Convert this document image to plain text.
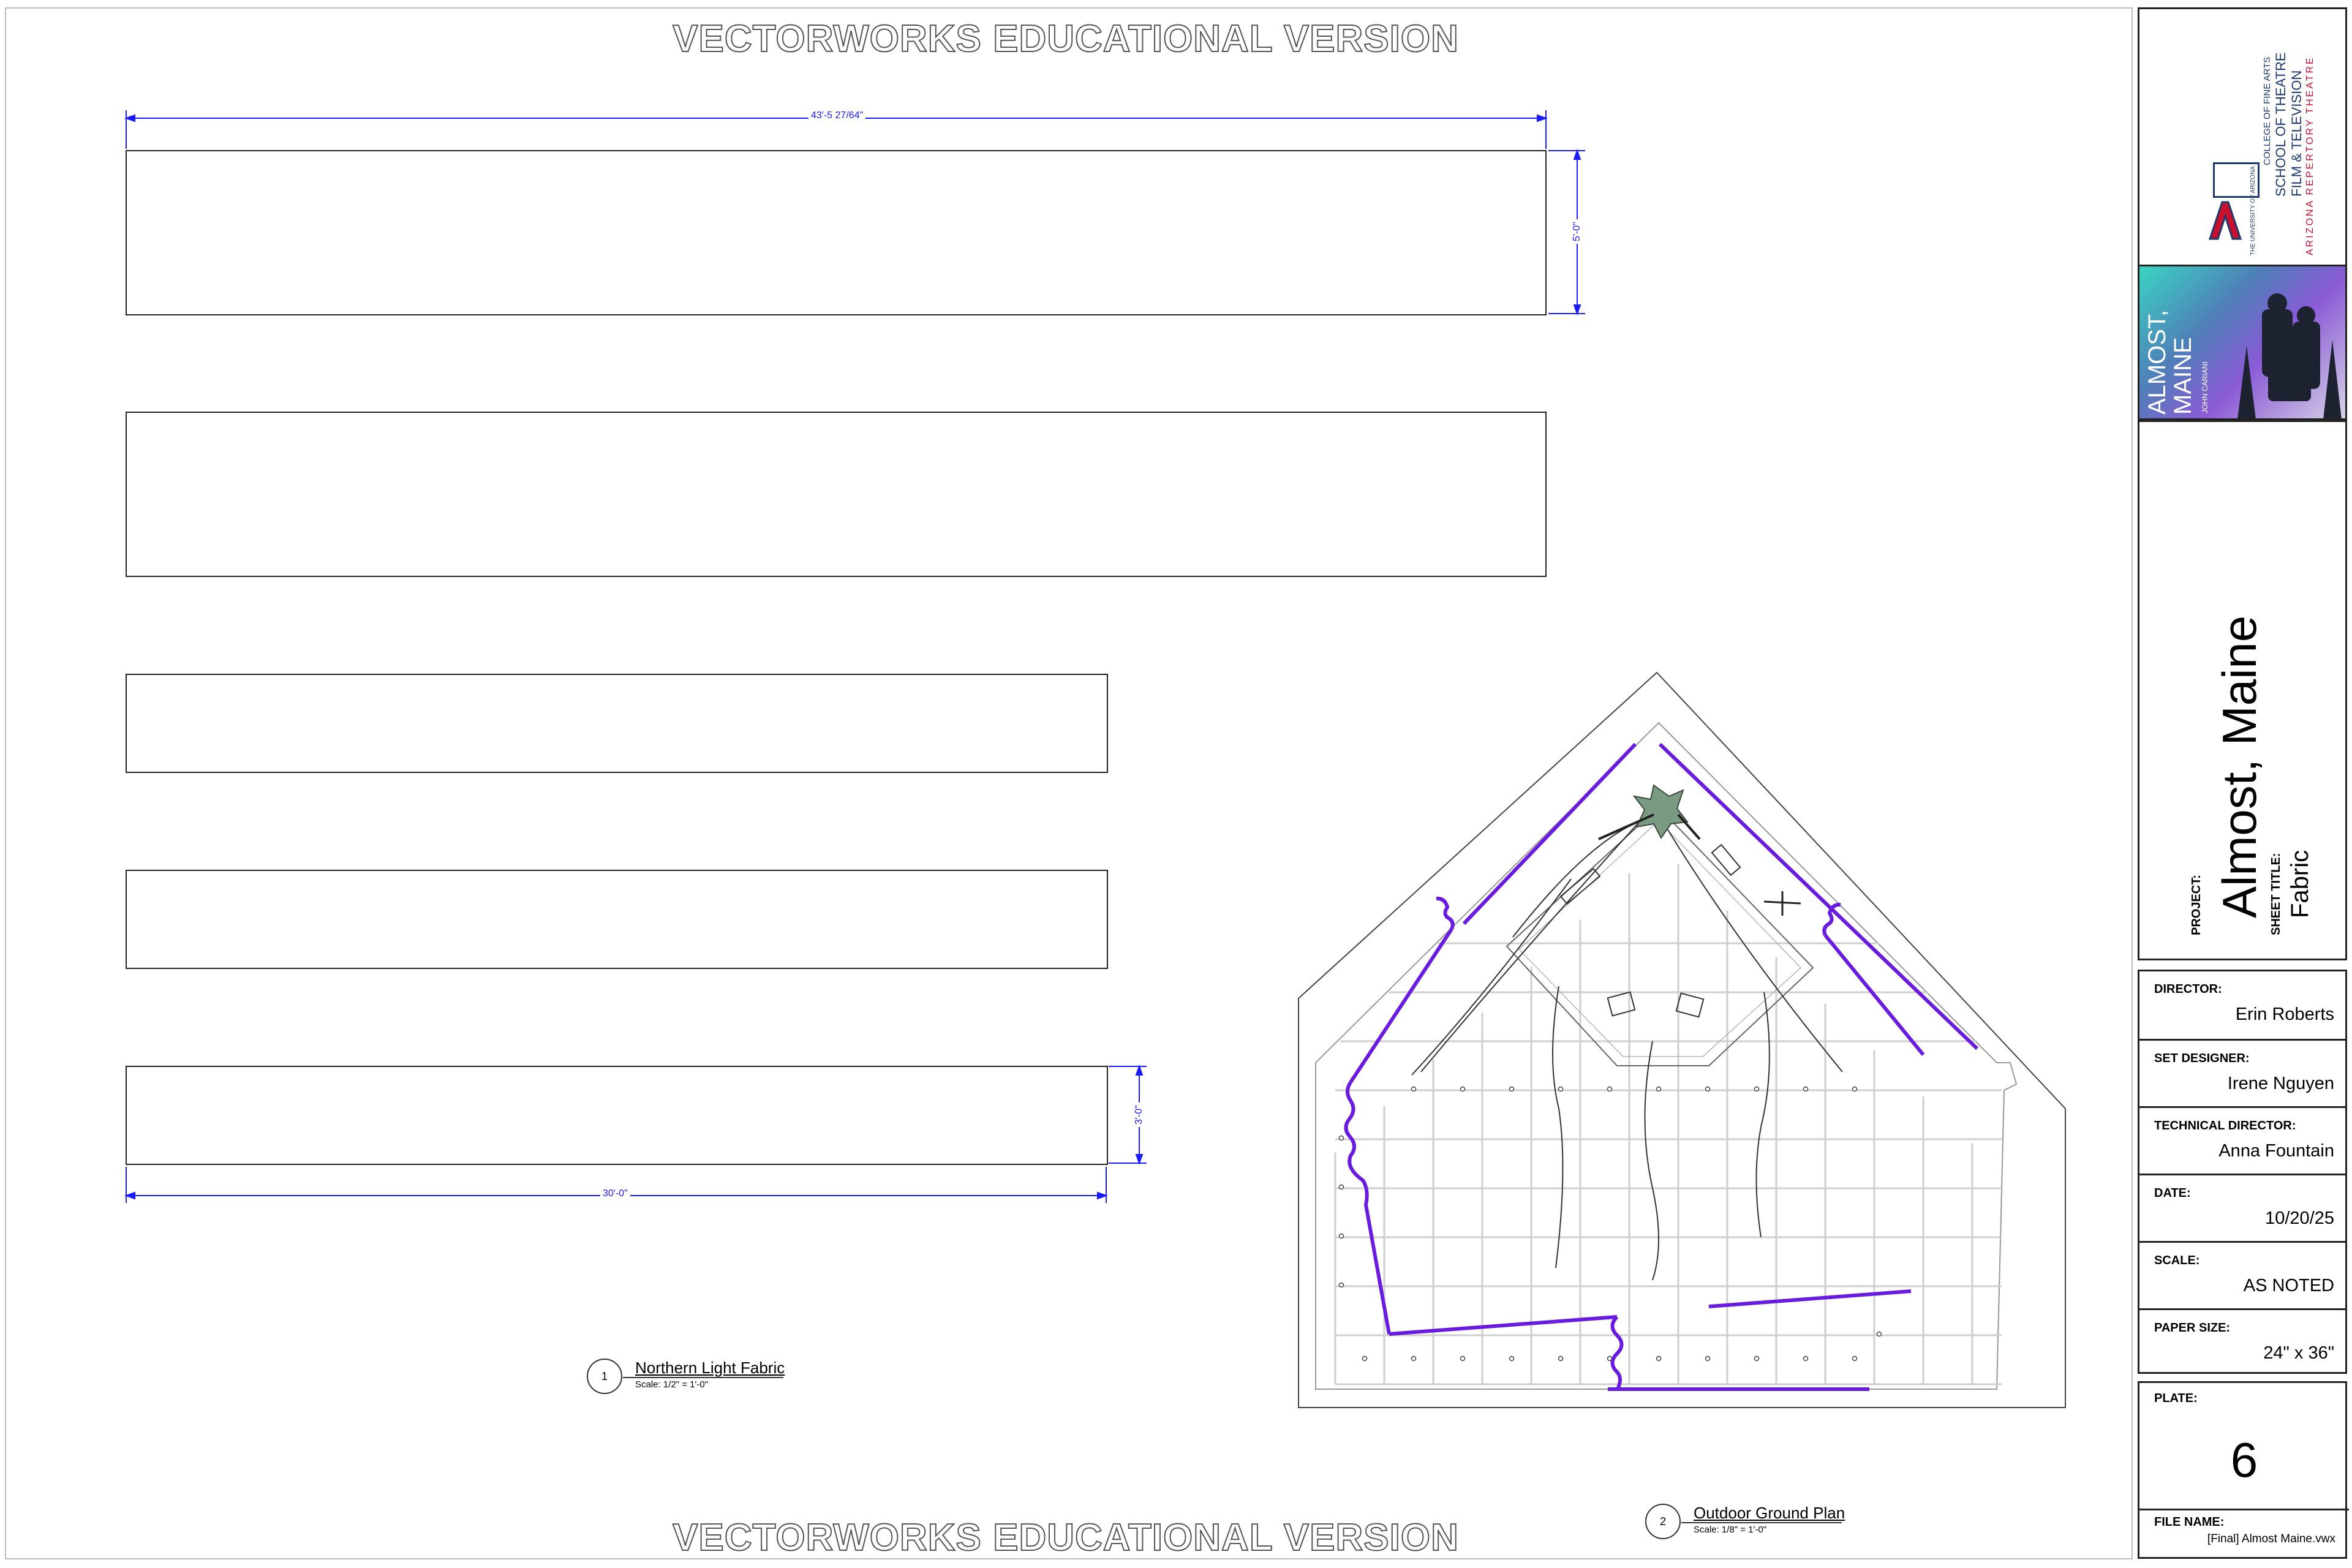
VECTORWORKS EDUCATIONAL VERSION
VECTORWORKS EDUCATIONAL VERSION
43'-5 27/64"
5'-0"
3'-0"
30'-0"
1	Northern Light Fabric
Scale: 1/2" = 1'-0"
2	Outdoor Ground Plan
Scale: 1/8" = 1'-0"
THE UNIVERSITY OF ARIZONA
COLLEGE OF FINE ARTS SCHOOL OF THEATRE FILM & TELEVISION ARIZONA REPERTORY THEATRE
ALMOST, MAINE JOHN CARIANI
PROJECT: Almost, Maine SHEET TITLE: Fabric
DIRECTOR:
Erin Roberts
SET DESIGNER:
Irene Nguyen
TECHNICAL DIRECTOR:
Anna Fountain
DATE:
10/20/25
SCALE:
AS NOTED
PAPER SIZE:
24" x 36"
PLATE:
6
FILE NAME:
[Final] Almost Maine.vwx
